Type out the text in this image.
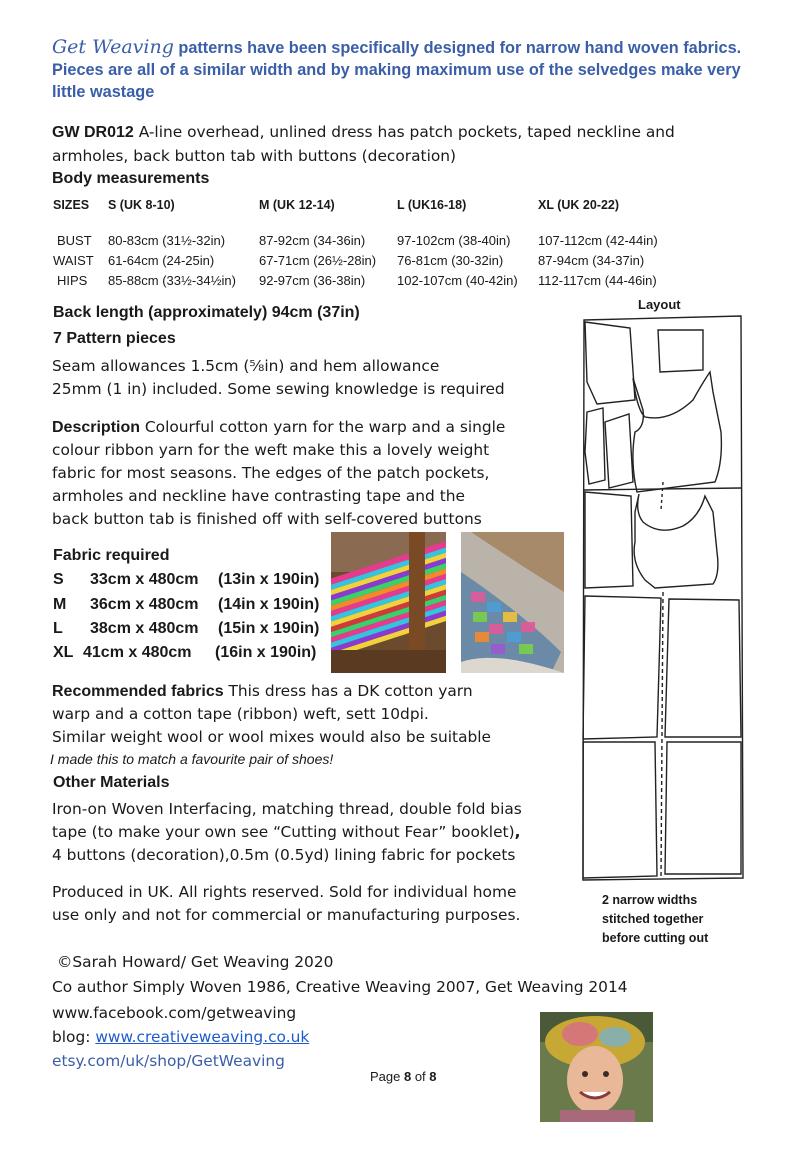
Get Weaving patterns have been specifically designed for narrow hand woven fabrics. Pieces are all of a similar width and by making maximum use of the selvedges make very little wastage
GW DR012 A-line overhead, unlined dress has patch pockets, taped neckline and armholes, back button tab with buttons (decoration)
Body measurements
SIZES S (UK 8-10)	M (UK 12-14)	L (UK16-18)	XL (UK 20-22)
BUST 80-83cm (31½-32in)	87-92cm (34-36in) 97-102cm (38-40in) 107-112cm (42-44in)
WAIST 61-64cm (24-25in)	67-71cm (26½-28in) 76-81cm (30-32in)	87-94cm (34-37in)
HIPS 85-88cm (33½-34½in) 92-97cm (36-38in) 102-107cm (40-42in) 112-117cm (44-46in)
Back length (approximately) 94cm (37in)
7 Pattern pieces
Seam allowances 1.5cm (⅝in) and hem allowance
25mm (1 in) included. Some sewing knowledge is required
Description Colourful cotton yarn for the warp and a single
colour ribbon yarn for the weft make this a lovely weight
fabric for most seasons. The edges of the patch pockets,
armholes and neckline have contrasting tape and the
back button tab is finished off with self-covered buttons
Fabric required
S 33cm x 480cm (13in x 190in)
M 36cm x 480cm (14in x 190in)
L 38cm x 480cm (15in x 190in)
XL 41cm x 480cm (16in x 190in)
Recommended fabrics This dress has a DK cotton yarn
warp and a cotton tape (ribbon) weft, sett 10dpi.
Similar weight wool or wool mixes would also be suitable
I made this to match a favourite pair of shoes!
Other Materials
Iron-on Woven Interfacing, matching thread, double fold bias
tape (to make your own see “Cutting without Fear” booklet),
4 buttons (decoration),0.5m (0.5yd) lining fabric for pockets
Produced in UK. All rights reserved. Sold for individual home
use only and not for commercial or manufacturing purposes.
©Sarah Howard/ Get Weaving 2020
Co author Simply Woven 1986, Creative Weaving 2007, Get Weaving 2014
www.facebook.com/getweaving
blog: www.creativeweaving.co.uk
etsy.com/uk/shop/GetWeaving
Page 8 of 8
Layout
2 narrow widths
stitched together
before cutting out
